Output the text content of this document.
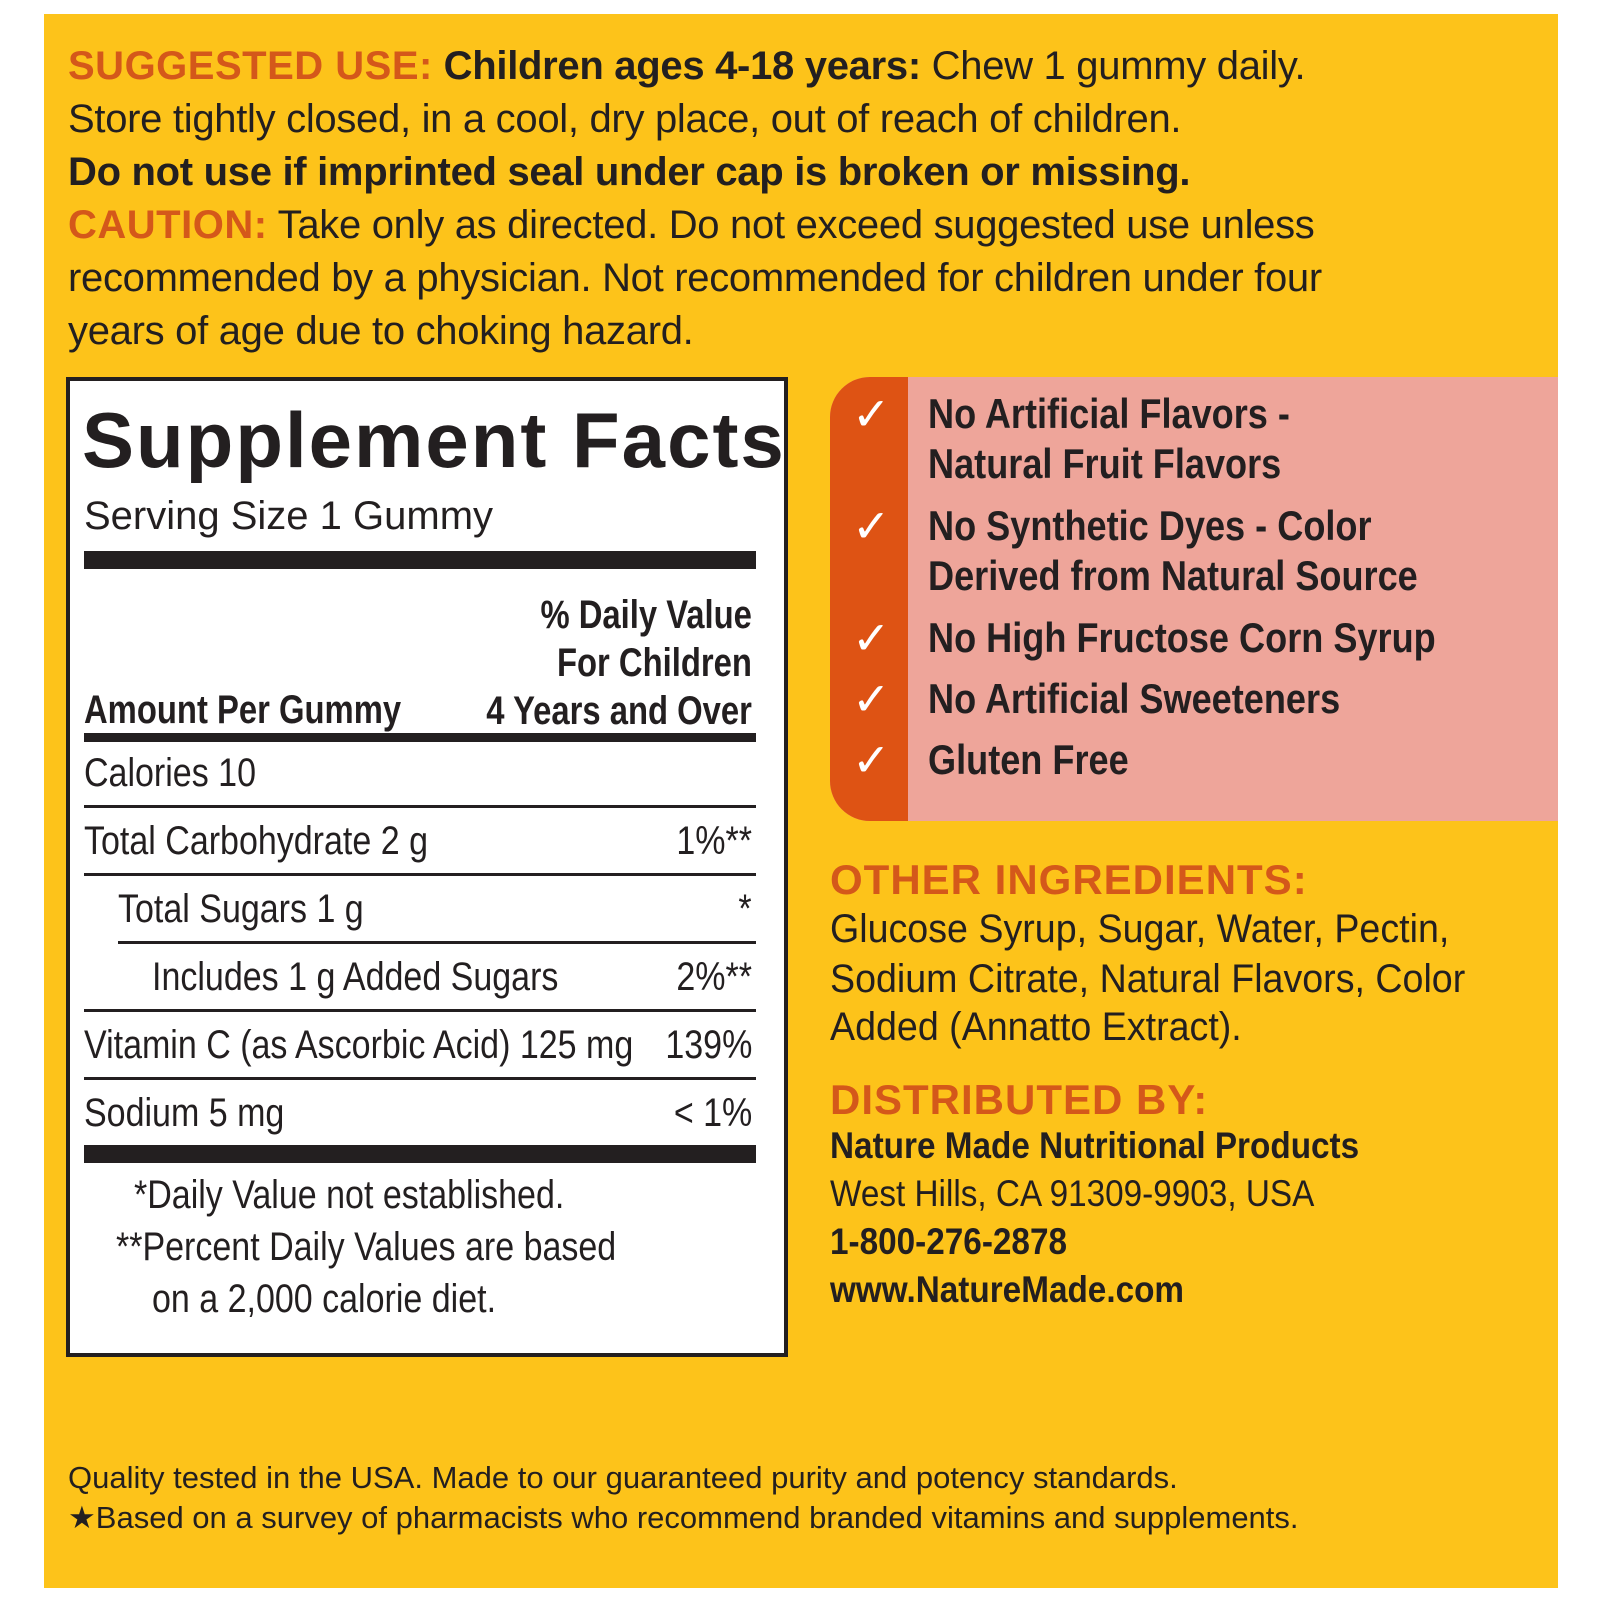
SUGGESTED USE: Children ages 4-18 years: Chew 1 gummy daily.

Store tightly closed, in a cool, dry place, out of reach of children.

Do not use if imprinted seal under cap is broken or missing.

CAUTION: Take only as directed. Do not exceed suggested use unless

recommended by a physician. Not recommended for children under four

years of age due to choking hazard.

Supplement Facts
Serving Size 1 Gummy
% Daily Value
For Children
4 Years and Over
Amount Per Gummy
Calories 10
Total Carbohydrate 2 g	1%**
Total Sugars 1 g	*
Includes 1 g Added Sugars	2%**
Vitamin C (as Ascorbic Acid) 125 mg 139%
Sodium 5 mg	< 1%
*Daily Value not established.
**Percent Daily Values are based
on a 2,000 calorie diet.
✓ No Artificial Flavors -
Natural Fruit Flavors
✓ No Synthetic Dyes - Color
Derived from Natural Source
✓ No High Fructose Corn Syrup
✓ No Artificial Sweeteners
✓ Gluten Free
OTHER INGREDIENTS:
Glucose Syrup, Sugar, Water, Pectin,
Sodium Citrate, Natural Flavors, Color
Added (Annatto Extract).
DISTRIBUTED BY:
Nature Made Nutritional Products
West Hills, CA 91309-9903, USA
1-800-276-2878
www.NatureMade.com
Quality tested in the USA. Made to our guaranteed purity and potency standards.
★Based on a survey of pharmacists who recommend branded vitamins and supplements.
